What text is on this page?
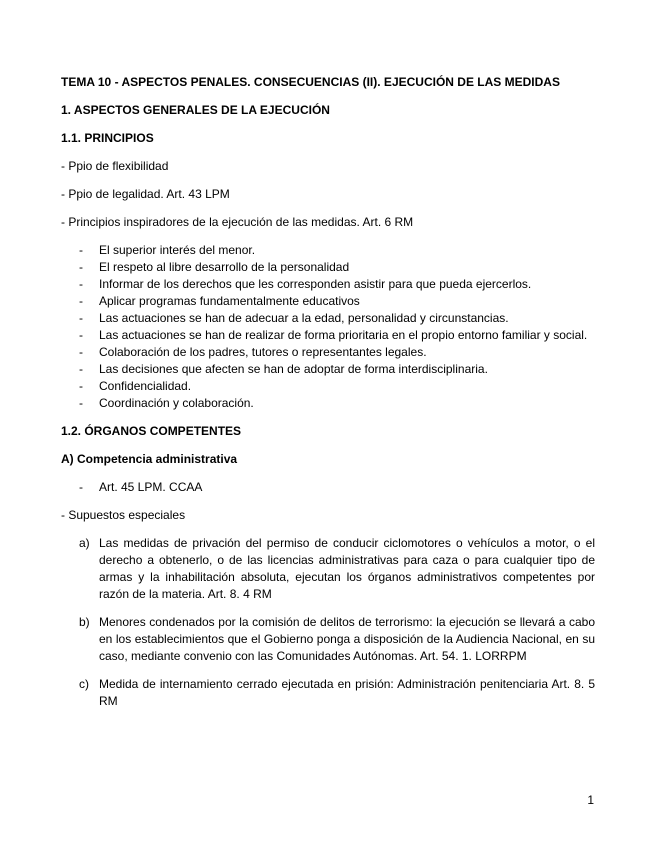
TEMA 10 - ASPECTOS PENALES. CONSECUENCIAS (II). EJECUCIÓN DE LAS MEDIDAS
1. ASPECTOS GENERALES DE LA EJECUCIÓN
1.1. PRINCIPIOS
- Ppio de flexibilidad
- Ppio de legalidad. Art. 43 LPM
- Principios inspiradores de la ejecución de las medidas. Art. 6 RM
- El superior interés del menor.
- El respeto al libre desarrollo de la personalidad
- Informar de los derechos que les corresponden asistir para que pueda ejercerlos.
- Aplicar programas fundamentalmente educativos
- Las actuaciones se han de adecuar a la edad, personalidad y circunstancias.
- Las actuaciones se han de realizar de forma prioritaria en el propio entorno familiar y social.
- Colaboración de los padres, tutores o representantes legales.
- Las decisiones que afecten se han de adoptar de forma interdisciplinaria.
- Confidencialidad.
- Coordinación y colaboración.
1.2. ÓRGANOS COMPETENTES
A) Competencia administrativa
- Art. 45 LPM. CCAA
- Supuestos especiales
a) Las medidas de privación del permiso de conducir ciclomotores o vehículos a motor, o el derecho a obtenerlo, o de las licencias administrativas para caza o para cualquier tipo de armas y la inhabilitación absoluta, ejecutan los órganos administrativos competentes por razón de la materia. Art. 8. 4 RM
b) Menores condenados por la comisión de delitos de terrorismo: la ejecución se llevará a cabo en los establecimientos que el Gobierno ponga a disposición de la Audiencia Nacional, en su caso, mediante convenio con las Comunidades Autónomas. Art. 54. 1. LORRPM
c) Medida de internamiento cerrado ejecutada en prisión: Administración penitenciaria Art. 8. 5 RM
1
